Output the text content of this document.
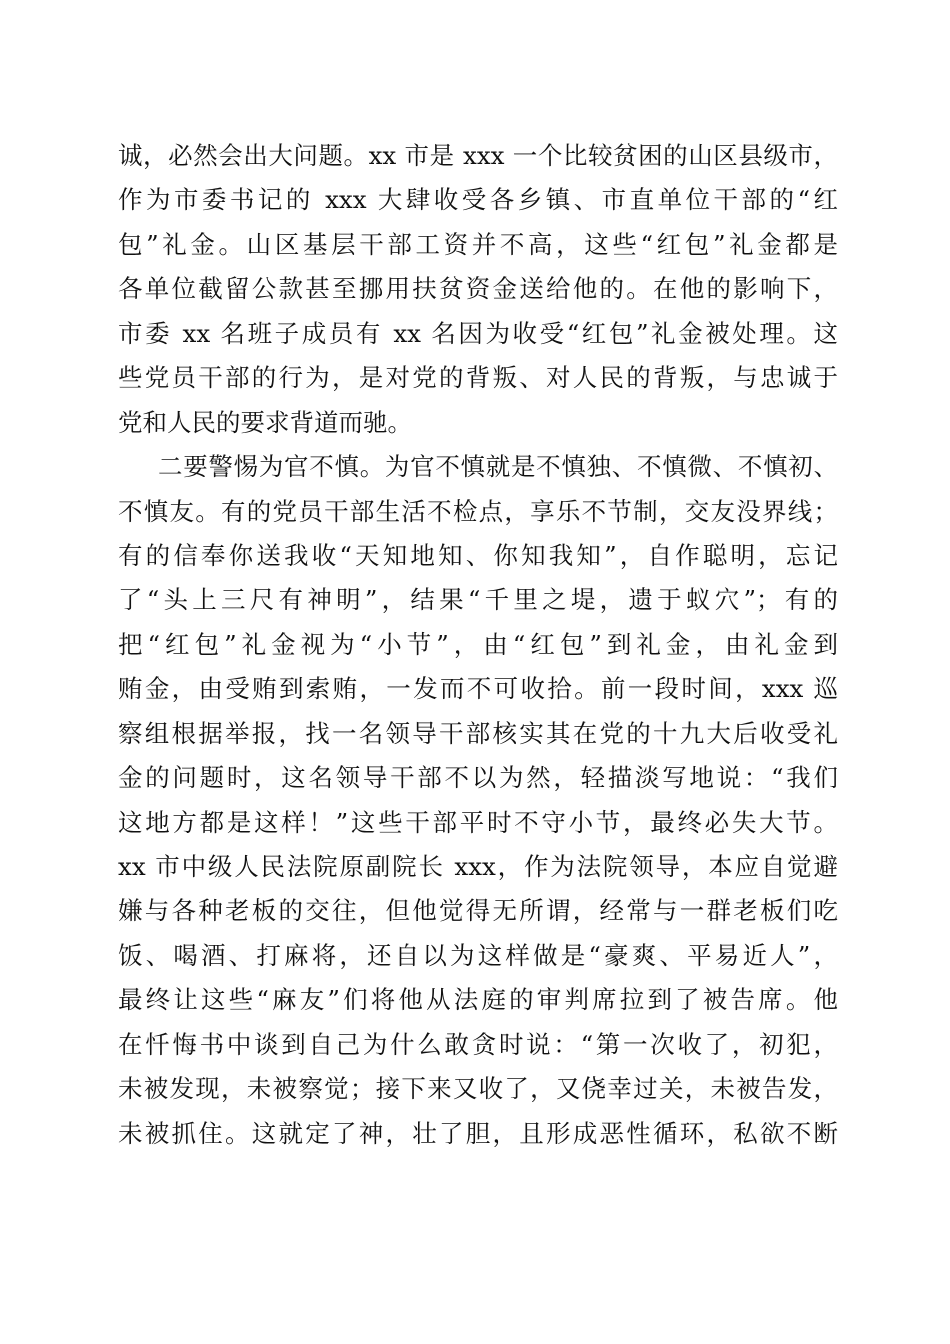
诚，必然会出大问题。xx 市是 xxx 一个比较贫困的山区县级市，
作为市委书记的 xxx 大肆收受各乡镇、市直单位干部的“红
包”礼金。山区基层干部工资并不高，这些“红包”礼金都是
各单位截留公款甚至挪用扶贫资金送给他的。在他的影响下，
市委 xx 名班子成员有 xx 名因为收受“红包”礼金被处理。这
些党员干部的行为，是对党的背叛、对人民的背叛，与忠诚于
党和人民的要求背道而驰。
二要警惕为官不慎。为官不慎就是不慎独、不慎微、不慎初、
不慎友。有的党员干部生活不检点，享乐不节制，交友没界线；
有的信奉你送我收“天知地知、你知我知”，自作聪明，忘记
了“头上三尺有神明”，结果“千里之堤，遗于蚁穴”；有的
把“红包”礼金视为“小节”，由“红包”到礼金，由礼金到
贿金，由受贿到索贿，一发而不可收拾。前一段时间，xxx 巡
察组根据举报，找一名领导干部核实其在党的十九大后收受礼
金的问题时，这名领导干部不以为然，轻描淡写地说：“我们
这地方都是这样！”这些干部平时不守小节，最终必失大节。
xx 市中级人民法院原副院长 xxx，作为法院领导，本应自觉避
嫌与各种老板的交往，但他觉得无所谓，经常与一群老板们吃
饭、喝酒、打麻将，还自以为这样做是“豪爽、平易近人”，
最终让这些“麻友”们将他从法庭的审判席拉到了被告席。他
在忏悔书中谈到自己为什么敢贪时说：“第一次收了，初犯，
未被发现，未被察觉；接下来又收了，又侥幸过关，未被告发，
未被抓住。这就定了神，壮了胆，且形成恶性循环，私欲不断
